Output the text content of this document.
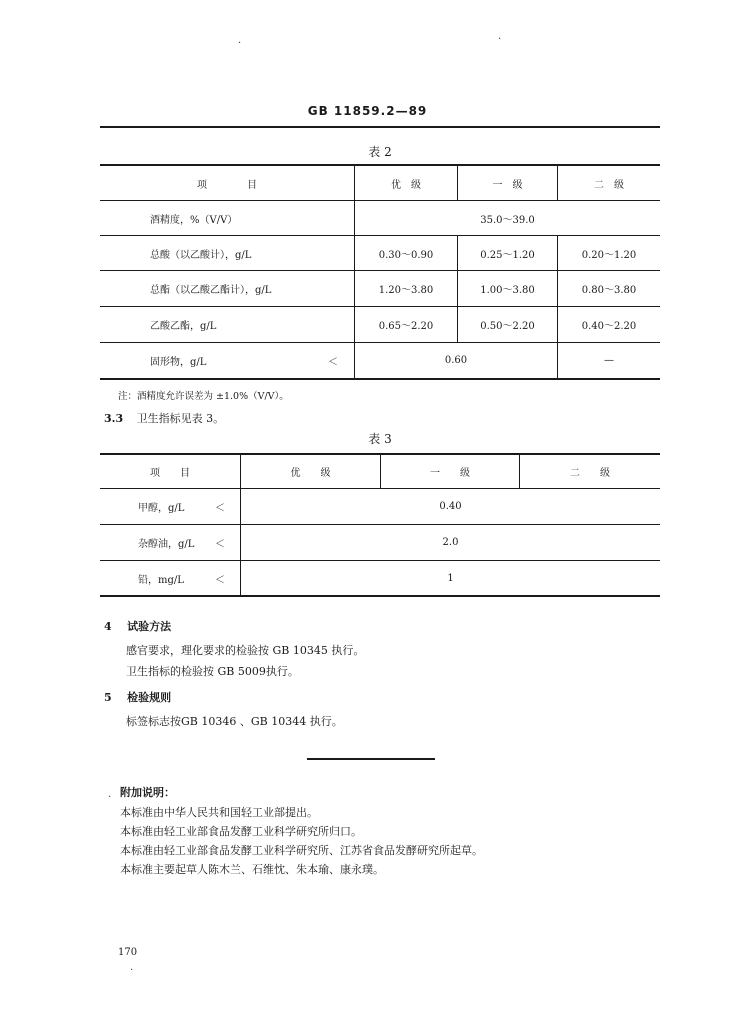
·	·
GB 11859.2—89
表 2
项　　　　目	优　级	一　级	二　级
酒精度，%（V/V）	35.0～39.0
总酸（以乙酸计），g/L	0.30～0.90	0.25～1.20	0.20～1.20
总酯（以乙酸乙酯计），g/L	1.20～3.80	1.00～3.80	0.80～3.80
乙酸乙酯，g/L	0.65～2.20	0.50～2.20	0.40～2.20
固形物，g/L	＜	0.60	—
注：酒精度允许误差为 ±1.0%（V/V）。
3.3 卫生指标见表 3。
表 3
项　　目	优　　级	一　　级	二　　级
甲醇，g/L	＜	0.40
杂醇油，g/L	＜	2.0
铅，mg/L	＜	1
4 试验方法
感官要求，理化要求的检验按 GB 10345 执行。
卫生指标的检验按 GB 5009执行。
5 检验规则
标签标志按GB 10346 、GB 10344 执行。
附加说明：
·
本标准由中华人民共和国轻工业部提出。
本标准由轻工业部食品发酵工业科学研究所归口。
本标准由轻工业部食品发酵工业科学研究所、江苏省食品发酵研究所起草。
本标准主要起草人陈木兰、石维忱、朱本瑜、康永璞。
170
·
